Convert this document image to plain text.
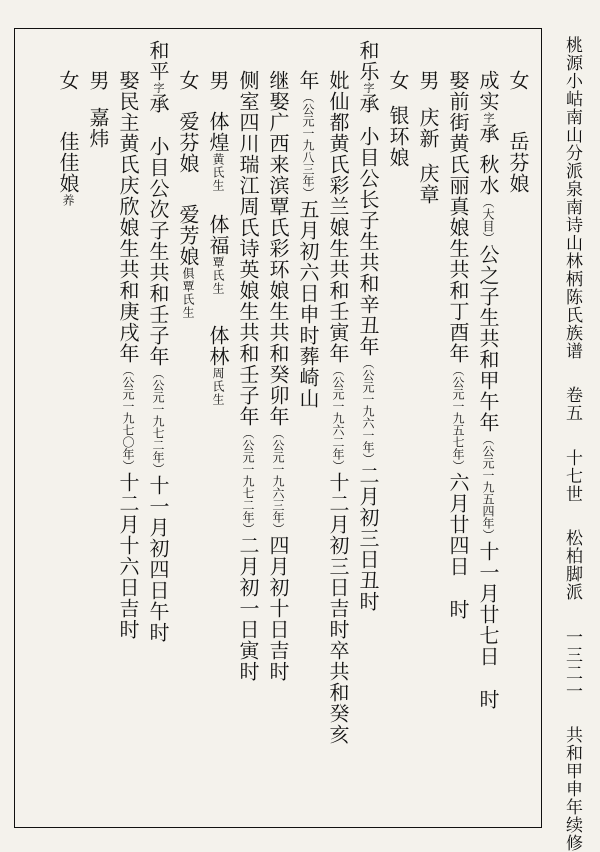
桃源小岵南山分派泉南诗山林柄陈氏族谱 卷五 十七世 松柏脚派 一三二一 共和甲申年续修
女岳芬娘
成实字承秋水（大目）公之子生共和甲午年（公元一九五四年）十一月廿七日时
娶前街黄氏丽真娘生共和丁酉年（公元一九五七年）六月廿四日时
男庆新庆章
女银环娘
和乐字承小目公长子生共和辛丑年（公元一九六一年）二月初三日丑时
妣仙都黄氏彩兰娘生共和壬寅年（公元一九六二年）十二月初三日吉时卒共和癸亥
年（公元一九八三年）五月初六日申时葬崎山
继娶广西来滨覃氏彩环娘生共和癸卯年（公元一九六三年）四月初十日吉时
侧室四川瑞江周氏诗英娘生共和壬子年（公元一九七二年）二月初一日寅时
男体煌黄氏生体福覃氏生体林周氏生
女爱芬娘爱芳娘俱覃氏生
和平字承小目公次子生共和壬子年（公元一九七二年）十一月初四日午时
娶民主黄氏庆欣娘生共和庚戌年（公元一九七〇年）十二月十六日吉时
男嘉炜
女佳佳娘养
